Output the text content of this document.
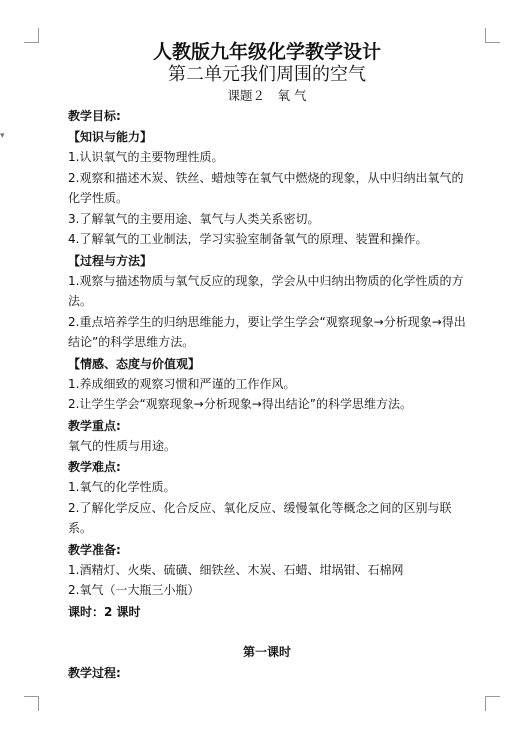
▾

人教版九年级化学教学设计

第二单元我们周围的空气

课题２　氧 气

教学目标:

【知识与能力】

1.认识氧气的主要物理性质。

2.观察和描述木炭、铁丝、蜡烛等在氧气中燃烧的现象，从中归纳出氧气的化学性质。

3.了解氧气的主要用途、氧气与人类关系密切。

4.了解氧气的工业制法，学习实验室制备氧气的原理、装置和操作。

【过程与方法】

1.观察与描述物质与氧气反应的现象，学会从中归纳出物质的化学性质的方法。

2.重点培养学生的归纳思维能力，要让学生学会“观察现象→分析现象→得出结论”的科学思维方法。

【情感、态度与价值观】

1.养成细致的观察习惯和严谨的工作作风。

2.让学生学会“观察现象→分析现象→得出结论”的科学思维方法。

教学重点:

氧气的性质与用途。

教学难点:

1.氧气的化学性质。

2.了解化学反应、化合反应、氧化反应、缓慢氧化等概念之间的区别与联系。

教学准备:

1.酒精灯、火柴、硫磺、细铁丝、木炭、石蜡、坩埚钳、石棉网

2.氧气（一大瓶三小瓶）

课时：2 课时

第一课时

教学过程:
